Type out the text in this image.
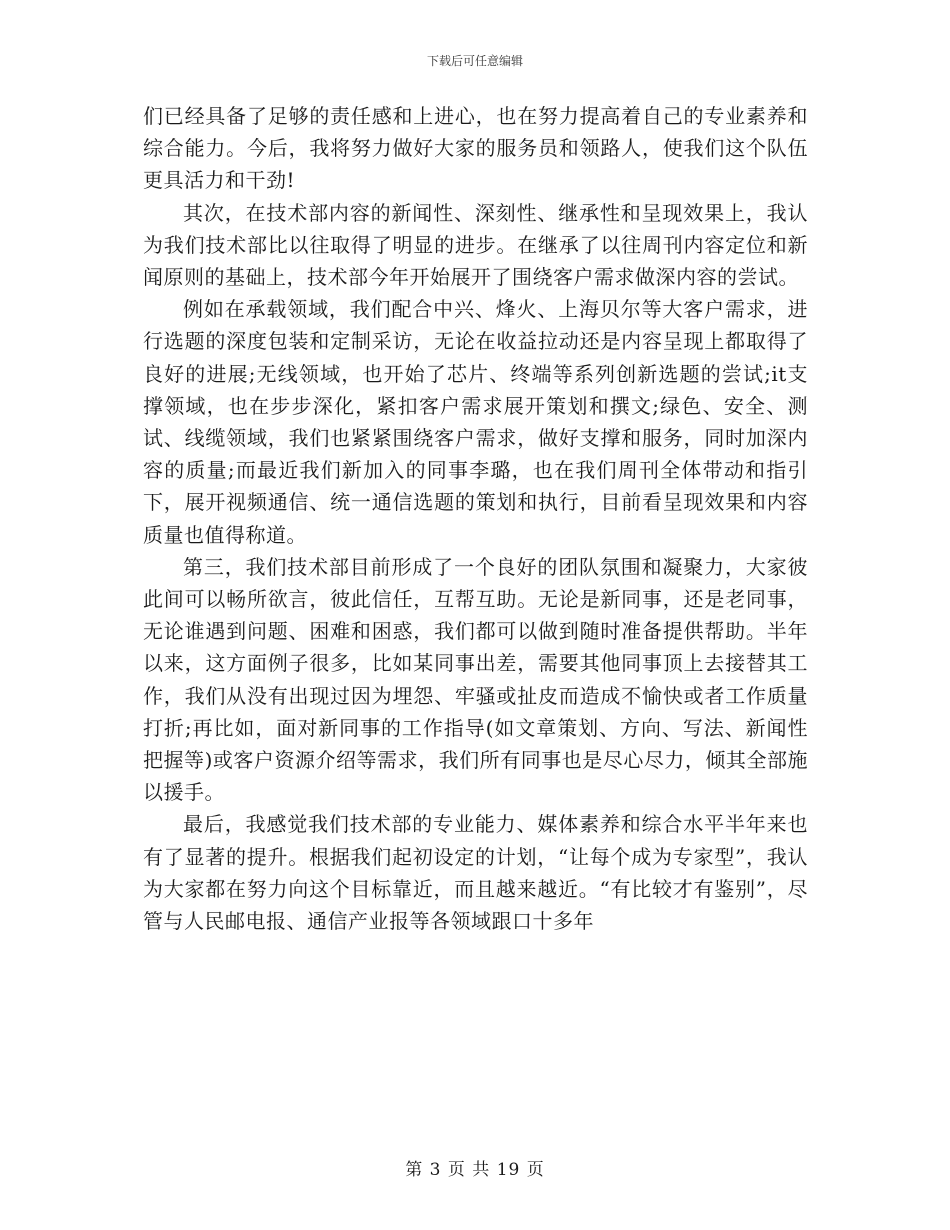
下载后可任意编辑

们已经具备了足够的责任感和上进心，也在努力提高着自己的专业素养和综合能力。今后，我将努力做好大家的服务员和领路人，使我们这个队伍更具活力和干劲!

其次，在技术部内容的新闻性、深刻性、继承性和呈现效果上，我认为我们技术部比以往取得了明显的进步。在继承了以往周刊内容定位和新闻原则的基础上，技术部今年开始展开了围绕客户需求做深内容的尝试。

例如在承载领域，我们配合中兴、烽火、上海贝尔等大客户需求，进行选题的深度包装和定制采访，无论在收益拉动还是内容呈现上都取得了良好的进展;无线领域，也开始了芯片、终端等系列创新选题的尝试;it支撑领域，也在步步深化，紧扣客户需求展开策划和撰文;绿色、安全、测试、线缆领域，我们也紧紧围绕客户需求，做好支撑和服务，同时加深内容的质量;而最近我们新加入的同事李璐，也在我们周刊全体带动和指引下，展开视频通信、统一通信选题的策划和执行，目前看呈现效果和内容质量也值得称道。

第三，我们技术部目前形成了一个良好的团队氛围和凝聚力，大家彼此间可以畅所欲言，彼此信任，互帮互助。无论是新同事，还是老同事，无论谁遇到问题、困难和困惑，我们都可以做到随时准备提供帮助。半年以来，这方面例子很多，比如某同事出差，需要其他同事顶上去接替其工作，我们从没有出现过因为埋怨、牢骚或扯皮而造成不愉快或者工作质量打折;再比如，面对新同事的工作指导(如文章策划、方向、写法、新闻性把握等)或客户资源介绍等需求，我们所有同事也是尽心尽力，倾其全部施以援手。

最后，我感觉我们技术部的专业能力、媒体素养和综合水平半年来也有了显著的提升。根据我们起初设定的计划，“让每个成为专家型”，我认为大家都在努力向这个目标靠近，而且越来越近。“有比较才有鉴别”，尽管与人民邮电报、通信产业报等各领域跟口十多年

第 3 页 共 19 页
